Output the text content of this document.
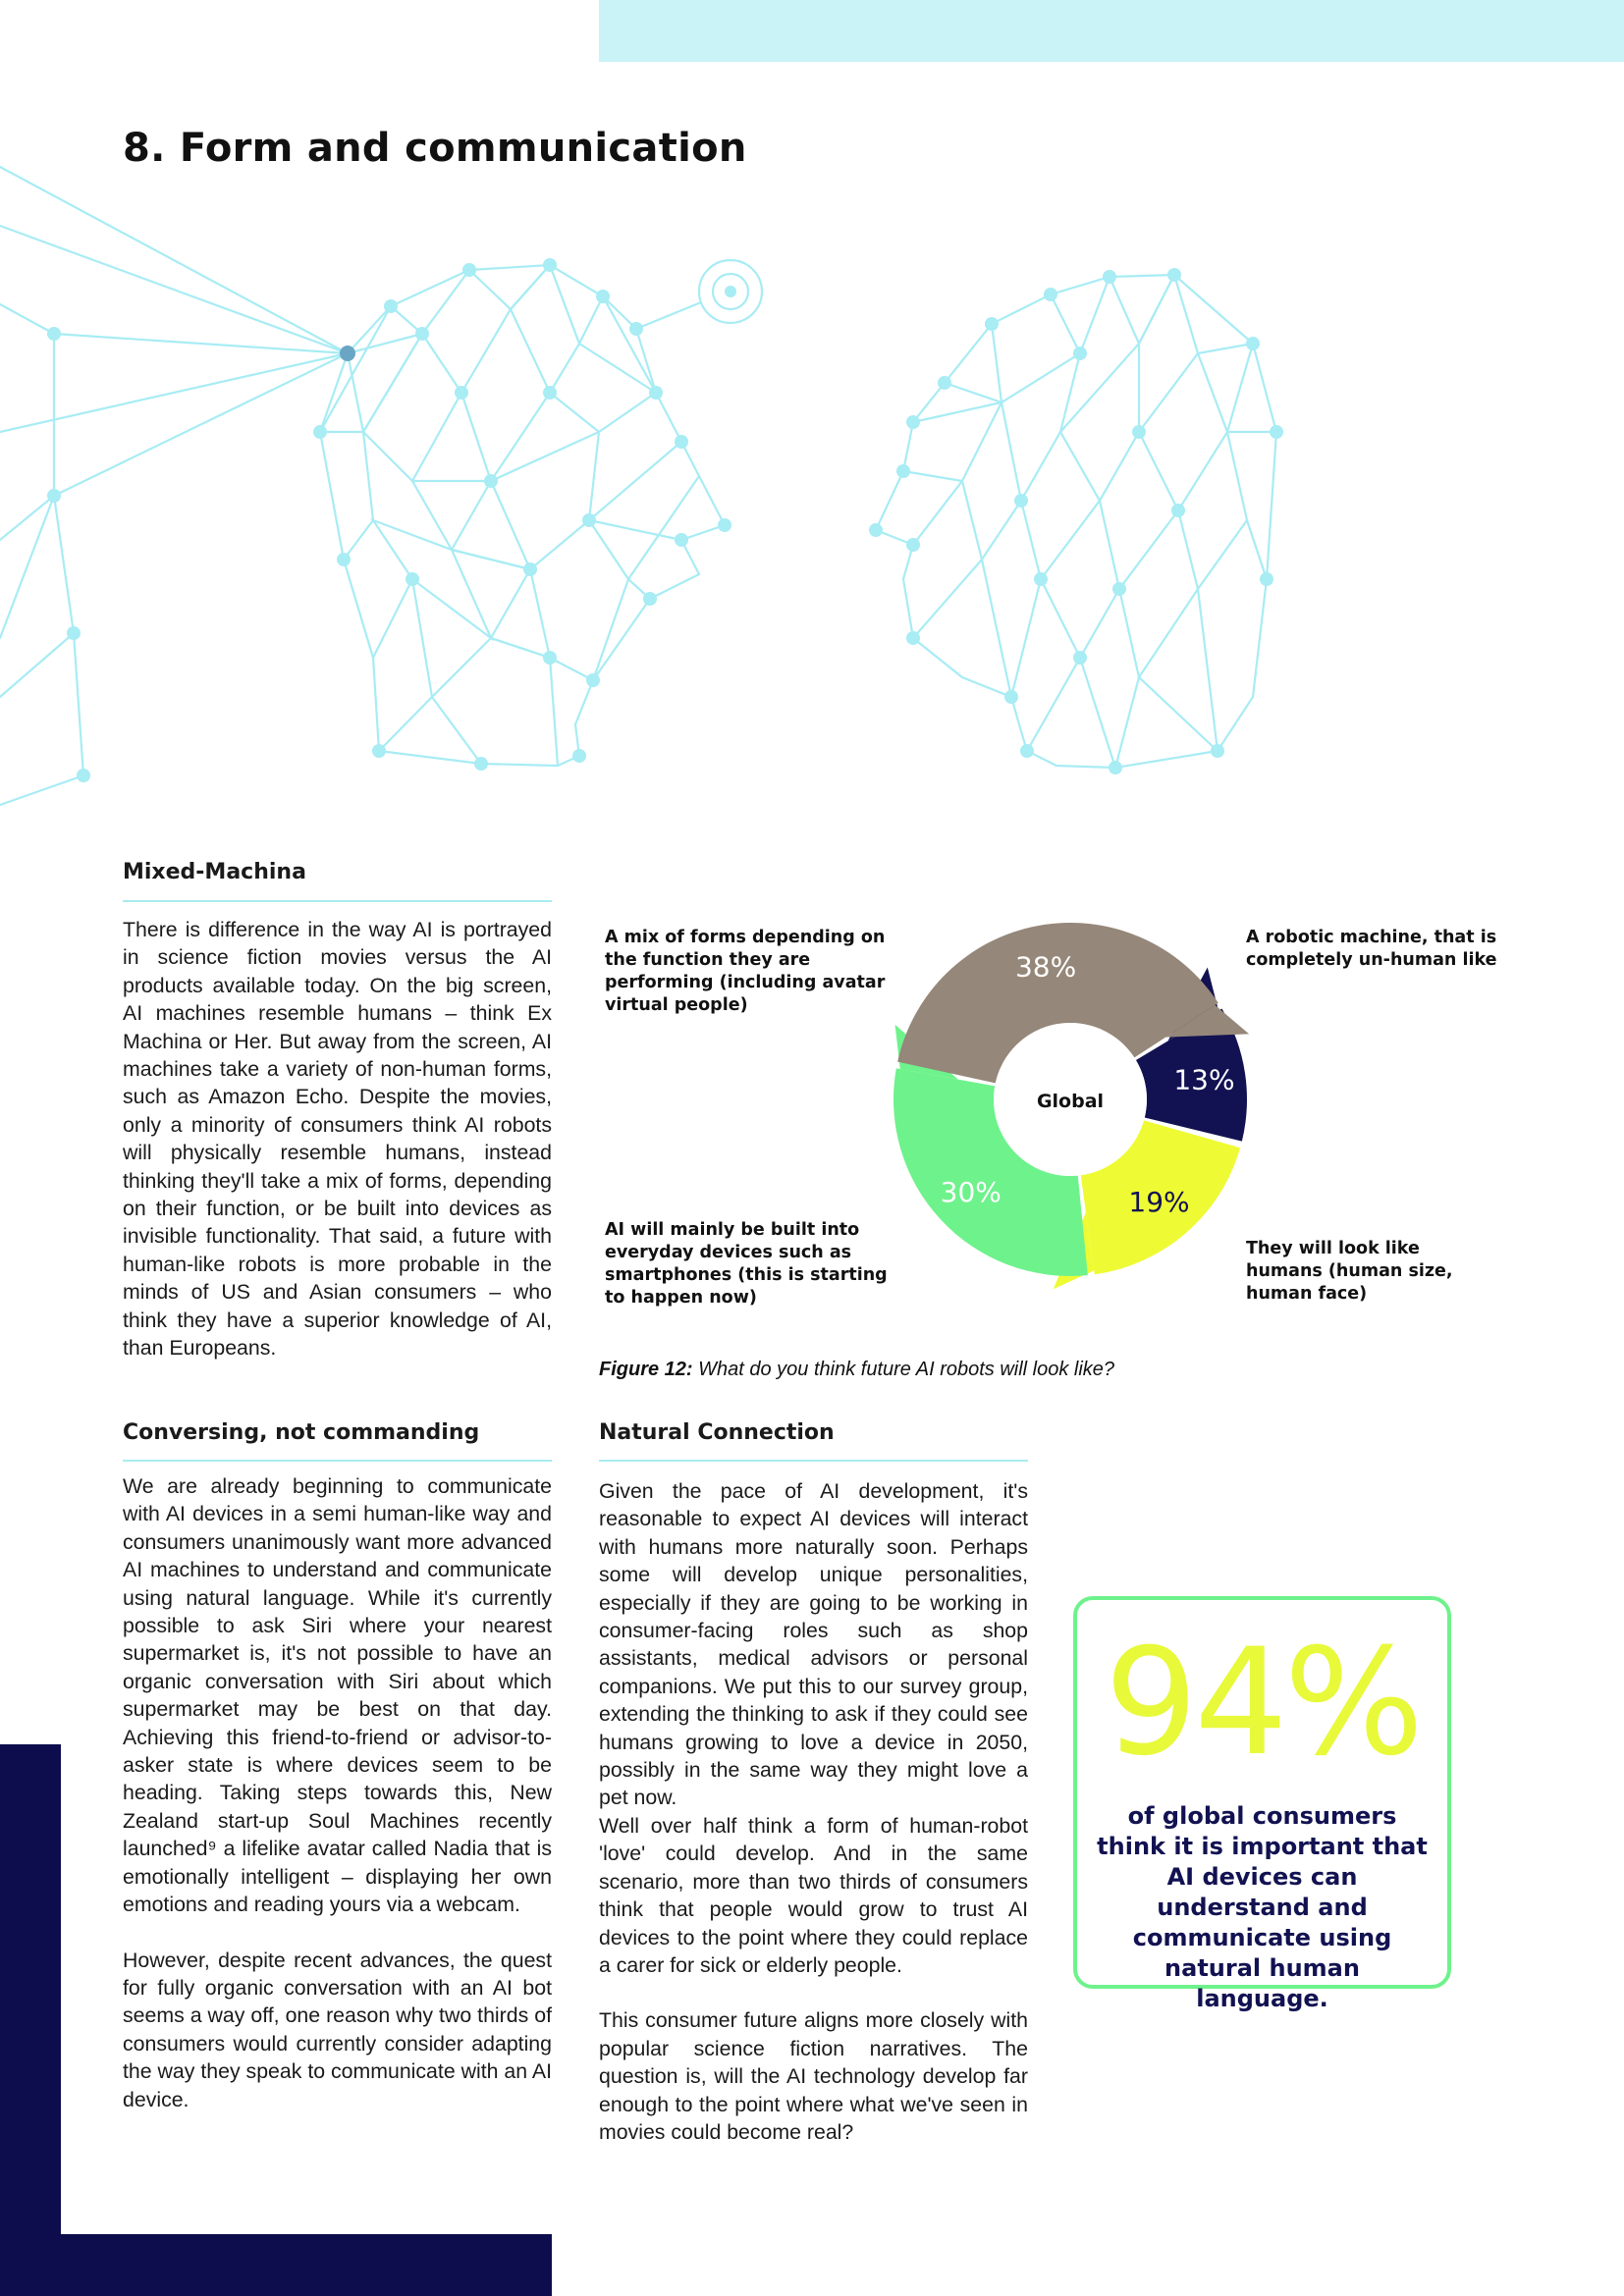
8. Form and communication
Mixed-Machina

There is difference in the way AI is portrayed in science fiction movies versus the AI products available today. On the big screen, AI machines resemble humans – think Ex Machina or Her. But away from the screen, AI machines take a variety of non-human forms, such as Amazon Echo. Despite the movies, only a minority of consumers think AI robots will physically resemble humans, instead thinking they'll take a mix of forms, depending on their function, or be built into devices as invisible functionality. That said, a future with human-like robots is more probable in the minds of US and Asian consumers – who think they have a superior knowledge of AI, than Europeans.

A mix of forms depending on the function they are performing (including avatar virtual people)

A robotic machine, that is completely un-human like

AI will mainly be built into everyday devices such as smartphones (this is starting to happen now)

They will look like humans (human size, human face)

Global
13%
19%
30%
38%

Figure 12: What do you think future AI robots will look like?

Conversing, not commanding

We are already beginning to communicate with AI devices in a semi human-like way and consumers unanimously want more advanced AI machines to understand and communicate using natural language. While it's currently possible to ask Siri where your nearest supermarket is, it's not possible to have an organic conversation with Siri about which supermarket may be best on that day. Achieving this friend-to-friend or advisor-to-asker state is where devices seem to be heading. Taking steps towards this, New Zealand start-up Soul Machines recently launched⁹ a lifelike avatar called Nadia that is emotionally intelligent – displaying her own emotions and reading yours via a webcam.

However, despite recent advances, the quest for fully organic conversation with an AI bot seems a way off, one reason why two thirds of consumers would currently consider adapting the way they speak to communicate with an AI device.

Natural Connection

Given the pace of AI development, it's reasonable to expect AI devices will interact with humans more naturally soon. Perhaps some will develop unique personalities, especially if they are going to be working in consumer-facing roles such as shop assistants, medical advisors or personal companions. We put this to our survey group, extending the thinking to ask if they could see humans growing to love a device in 2050, possibly in the same way they might love a pet now.

Well over half think a form of human-robot 'love' could develop. And in the same scenario, more than two thirds of consumers think that people would grow to trust AI devices to the point where they could replace a carer for sick or elderly people.

This consumer future aligns more closely with popular science fiction narratives. The question is, will the AI technology develop far enough to the point where what we've seen in movies could become real?

94%

of global consumers think it is important that AI devices can understand and communicate using natural human language.
